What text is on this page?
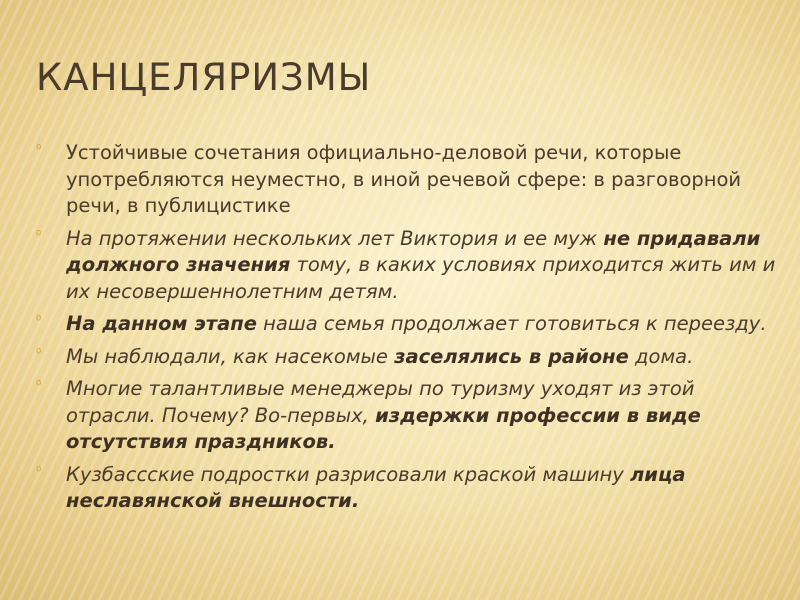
КАНЦЕЛЯРИЗМЫ
⁰ Устойчивые сочетания официально-деловой речи, которые употребляются неуместно, в иной речевой сфере: в разговорной речи, в публицистике
⁰ На протяжении нескольких лет Виктория и ее муж не придавали должного значения тому, в каких условиях приходится жить им и их несовершеннолетним детям.
⁰ На данном этапе наша семья продолжает готовиться к переезду.
⁰ Мы наблюдали, как насекомые заселялись в районе дома.
⁰ Многие талантливые менеджеры по туризму уходят из этой отрасли. Почему? Во-первых, издержки профессии в виде отсутствия праздников.
⁰ Кузбассские подростки разрисовали краской машину лица неславянской внешности.
